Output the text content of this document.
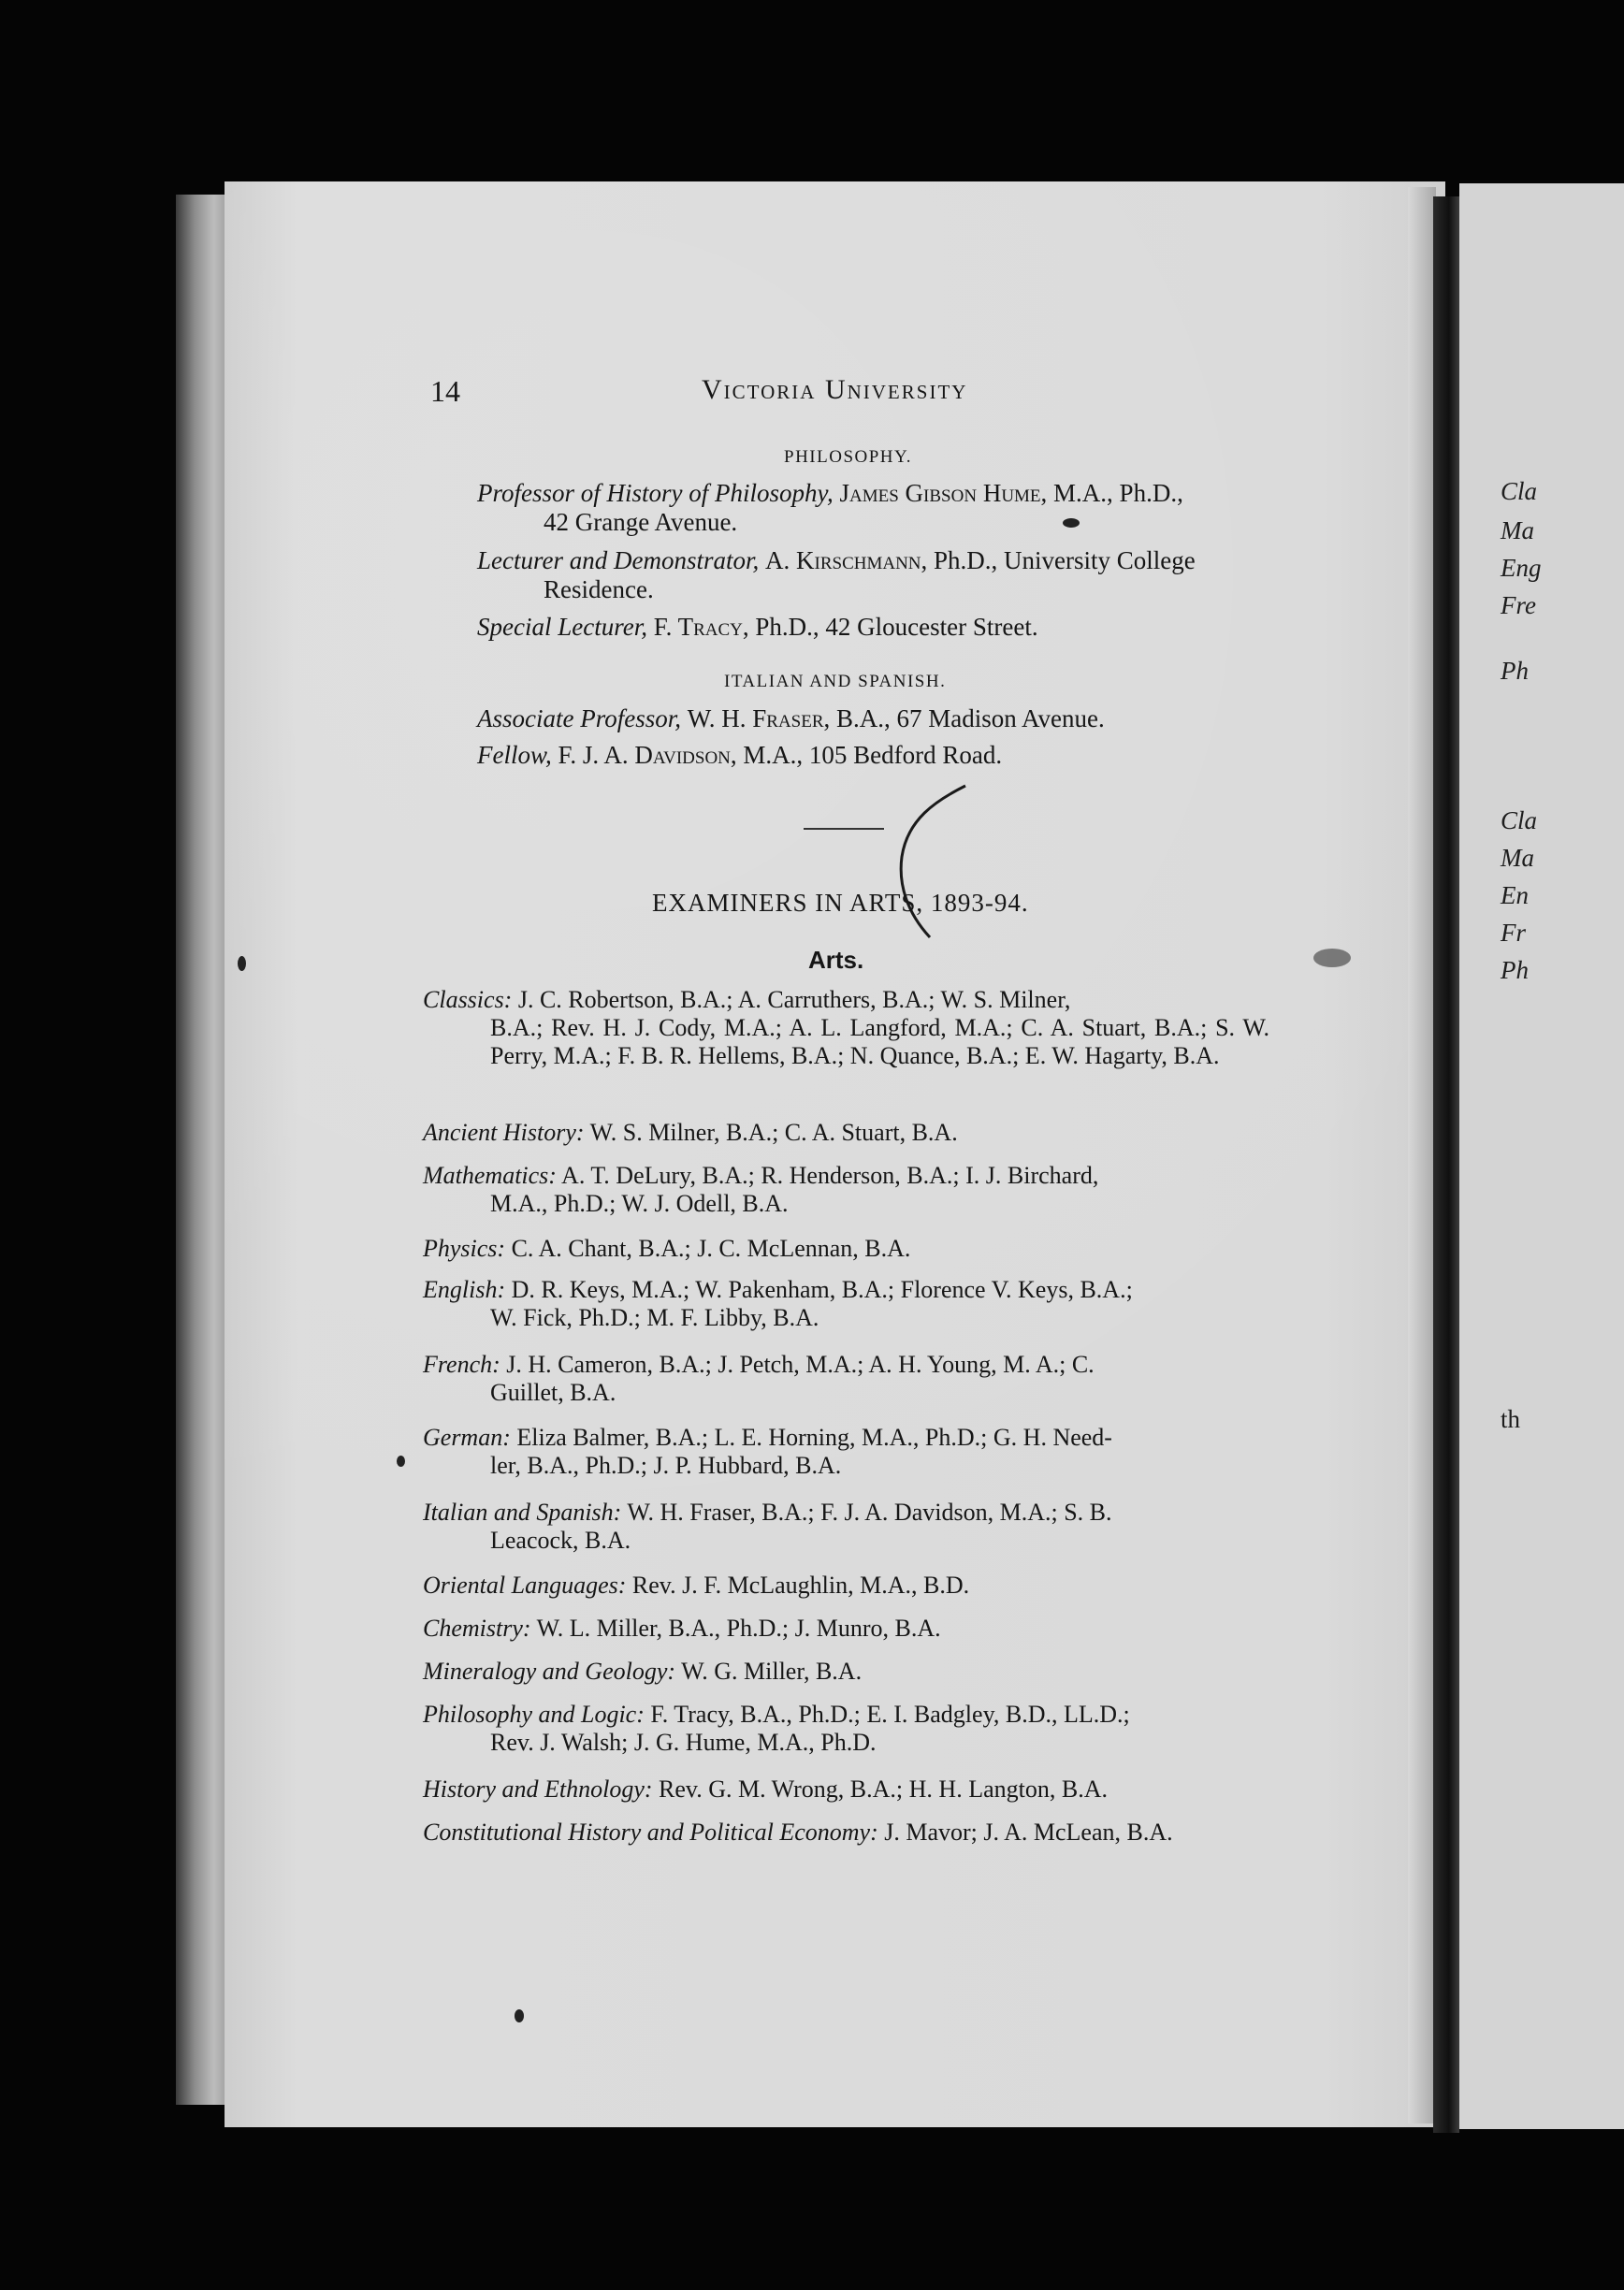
Cla
Ma
Eng
Fre
Ph
Cla
Ma
En
Fr
Ph
th
14	Victoria University
PHILOSOPHY.
Professor of History of Philosophy, James Gibson Hume, M.A., Ph.D.,
42 Grange Avenue.
Lecturer and Demonstrator, A. Kirschmann, Ph.D., University College
Residence.
Special Lecturer, F. Tracy, Ph.D., 42 Gloucester Street.
ITALIAN AND SPANISH.
Associate Professor, W. H. Fraser, B.A., 67 Madison Avenue.
Fellow, F. J. A. Davidson, M.A., 105 Bedford Road.
EXAMINERS IN ARTS, 1893-94.
Arts.
Classics: J. C. Robertson, B.A.; A. Carruthers, B.A.; W. S. Milner,
B.A.; Rev. H. J. Cody, M.A.; A. L. Langford, M.A.; C. A. Stuart, B.A.; S. W. Perry, M.A.; F. B. R. Hellems, B.A.; N. Quance, B.A.; E. W. Hagarty, B.A.
Ancient History: W. S. Milner, B.A.; C. A. Stuart, B.A.
Mathematics: A. T. DeLury, B.A.; R. Henderson, B.A.; I. J. Birchard,
M.A., Ph.D.; W. J. Odell, B.A.
Physics: C. A. Chant, B.A.; J. C. McLennan, B.A.
English: D. R. Keys, M.A.; W. Pakenham, B.A.; Florence V. Keys, B.A.;
W. Fick, Ph.D.; M. F. Libby, B.A.
French: J. H. Cameron, B.A.; J. Petch, M.A.; A. H. Young, M. A.; C.
Guillet, B.A.
German: Eliza Balmer, B.A.; L. E. Horning, M.A., Ph.D.; G. H. Need-
ler, B.A., Ph.D.; J. P. Hubbard, B.A.
Italian and Spanish: W. H. Fraser, B.A.; F. J. A. Davidson, M.A.; S. B.
Leacock, B.A.
Oriental Languages: Rev. J. F. McLaughlin, M.A., B.D.
Chemistry: W. L. Miller, B.A., Ph.D.; J. Munro, B.A.
Mineralogy and Geology: W. G. Miller, B.A.
Philosophy and Logic: F. Tracy, B.A., Ph.D.; E. I. Badgley, B.D., LL.D.;
Rev. J. Walsh; J. G. Hume, M.A., Ph.D.
History and Ethnology: Rev. G. M. Wrong, B.A.; H. H. Langton, B.A.
Constitutional History and Political Economy: J. Mavor; J. A. McLean, B.A.
